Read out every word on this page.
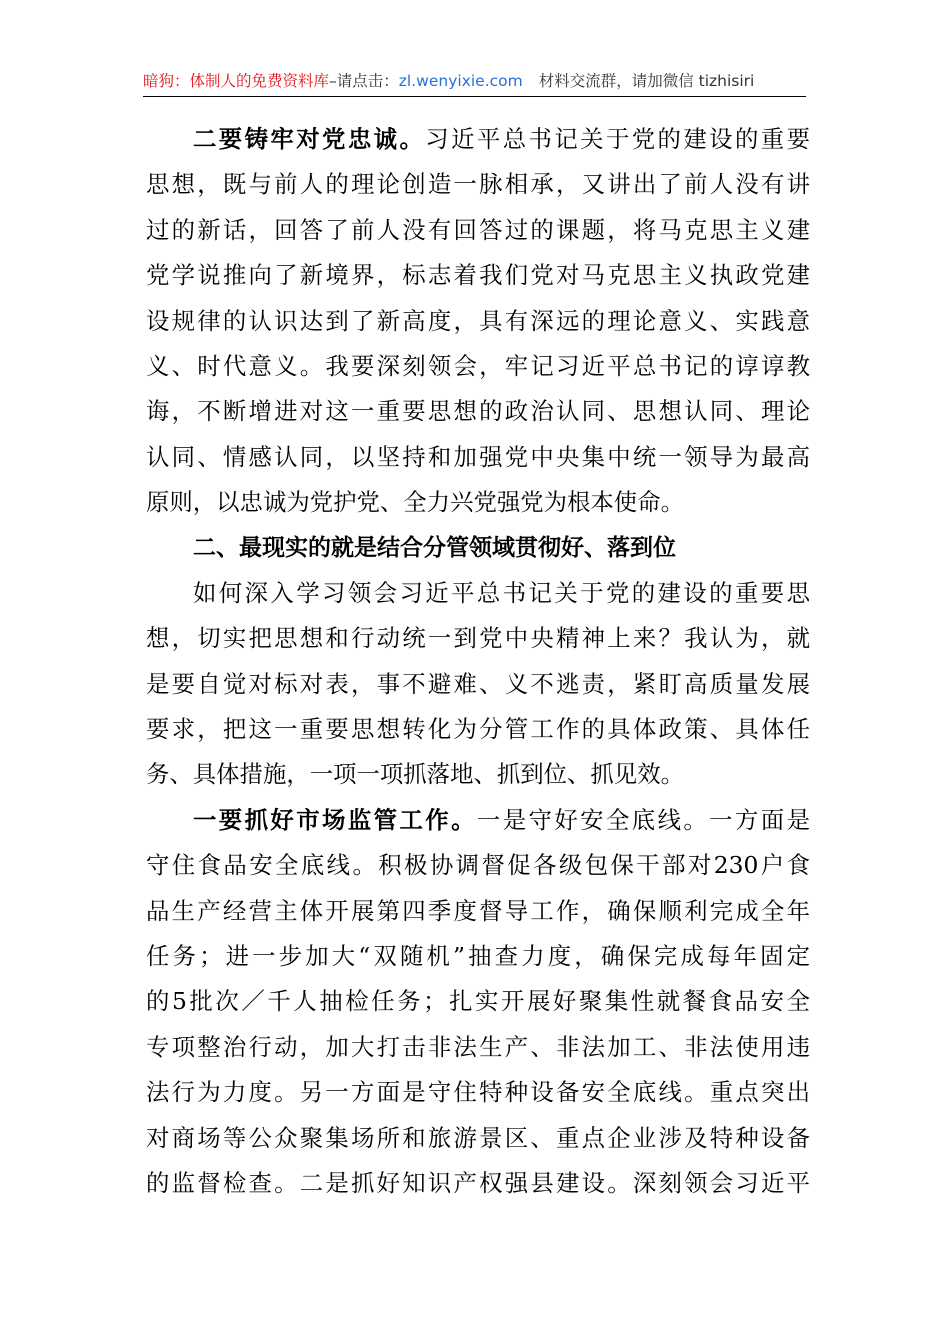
暗狗：体制人的免费资料库–请点击：zl.wenyixie.com 材料交流群，请加微信 tizhisiri
二要铸牢对党忠诚。习近平总书记关于党的建设的重要
思想，既与前人的理论创造一脉相承，又讲出了前人没有讲
过的新话，回答了前人没有回答过的课题，将马克思主义建
党学说推向了新境界，标志着我们党对马克思主义执政党建
设规律的认识达到了新高度，具有深远的理论意义、实践意
义、时代意义。我要深刻领会，牢记习近平总书记的谆谆教
诲，不断增进对这一重要思想的政治认同、思想认同、理论
认同、情感认同，以坚持和加强党中央集中统一领导为最高
原则，以忠诚为党护党、全力兴党强党为根本使命。
二、最现实的就是结合分管领域贯彻好、落到位
如何深入学习领会习近平总书记关于党的建设的重要思
想，切实把思想和行动统一到党中央精神上来？我认为，就
是要自觉对标对表，事不避难、义不逃责，紧盯高质量发展
要求，把这一重要思想转化为分管工作的具体政策、具体任
务、具体措施，一项一项抓落地、抓到位、抓见效。
一要抓好市场监管工作。一是守好安全底线。一方面是
守住食品安全底线。积极协调督促各级包保干部对230户食
品生产经营主体开展第四季度督导工作，确保顺利完成全年
任务；进一步加大“双随机”抽查力度，确保完成每年固定
的5批次／千人抽检任务；扎实开展好聚集性就餐食品安全
专项整治行动，加大打击非法生产、非法加工、非法使用违
法行为力度。另一方面是守住特种设备安全底线。重点突出
对商场等公众聚集场所和旅游景区、重点企业涉及特种设备
的监督检查。二是抓好知识产权强县建设。深刻领会习近平
